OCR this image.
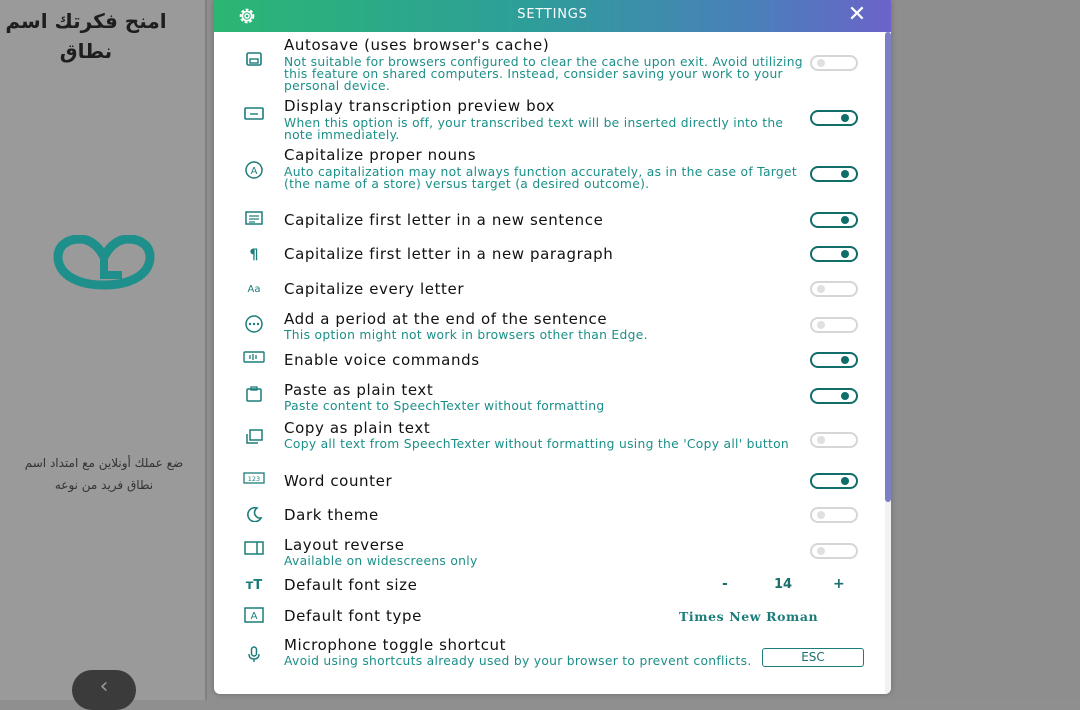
امنح فكرتك اسم نطاق
ضع عملك أونلاين مع امتداد اسم نطاق فريد من نوعه
‹
SETTINGS	✕
Autosave (uses browser's cache)
Not suitable for browsers configured to clear the cache upon exit. Avoid utilizing this feature on shared computers. Instead, consider saving your work to your personal device.
Display transcription preview box
When this option is off, your transcribed text will be inserted directly into the note immediately.
A
Capitalize proper nouns
Auto capitalization may not always function accurately, as in the case of Target (the name of a store) versus target (a desired outcome).
Capitalize first letter in a new sentence
¶	Capitalize first letter in a new paragraph
Aa	Capitalize every letter
Add a period at the end of the sentence
This option might not work in browsers other than Edge.
Enable voice commands
Paste as plain text
Paste content to SpeechTexter without formatting
Copy as plain text
Copy all text from SpeechTexter without formatting using the 'Copy all' button
123 Word counter
Dark theme
Layout reverse
Available on widescreens only
ᴛT Default font size	-	14	+
A Default font type	Times New Roman
Microphone toggle shortcut
Avoid using shortcuts already used by your browser to prevent conflicts.	ESC
